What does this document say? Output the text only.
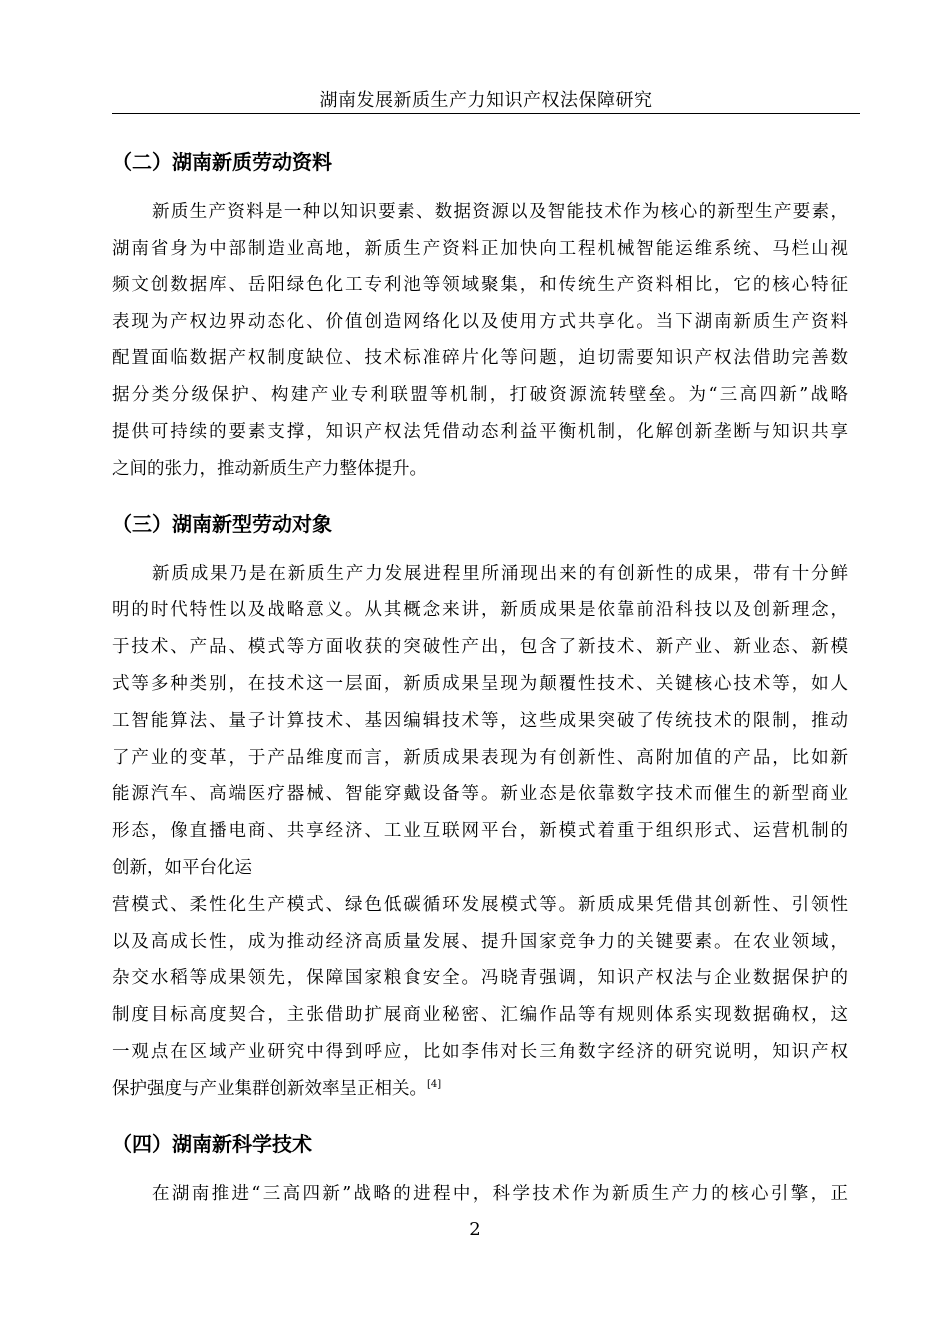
湖南发展新质生产力知识产权法保障研究
（二）湖南新质劳动资料
新质生产资料是一种以知识要素、数据资源以及智能技术作为核心的新型生产要素，
湖南省身为中部制造业高地，新质生产资料正加快向工程机械智能运维系统、马栏山视
频文创数据库、岳阳绿色化工专利池等领域聚集，和传统生产资料相比，它的核心特征
表现为产权边界动态化、价值创造网络化以及使用方式共享化。当下湖南新质生产资料
配置面临数据产权制度缺位、技术标准碎片化等问题，迫切需要知识产权法借助完善数
据分类分级保护、构建产业专利联盟等机制，打破资源流转壁垒。为“三高四新”战略
提供可持续的要素支撑，知识产权法凭借动态利益平衡机制，化解创新垄断与知识共享
之间的张力，推动新质生产力整体提升。
（三）湖南新型劳动对象
新质成果乃是在新质生产力发展进程里所涌现出来的有创新性的成果，带有十分鲜
明的时代特性以及战略意义。从其概念来讲，新质成果是依靠前沿科技以及创新理念，
于技术、产品、模式等方面收获的突破性产出，包含了新技术、新产业、新业态、新模
式等多种类别，在技术这一层面，新质成果呈现为颠覆性技术、关键核心技术等，如人
工智能算法、量子计算技术、基因编辑技术等，这些成果突破了传统技术的限制，推动
了产业的变革，于产品维度而言，新质成果表现为有创新性、高附加值的产品，比如新
能源汽车、高端医疗器械、智能穿戴设备等。新业态是依靠数字技术而催生的新型商业
形态，像直播电商、共享经济、工业互联网平台，新模式着重于组织形式、运营机制的
创新，如平台化运
营模式、柔性化生产模式、绿色低碳循环发展模式等。新质成果凭借其创新性、引领性
以及高成长性，成为推动经济高质量发展、提升国家竞争力的关键要素。在农业领域，
杂交水稻等成果领先，保障国家粮食安全。冯晓青强调，知识产权法与企业数据保护的
制度目标高度契合，主张借助扩展商业秘密、汇编作品等有规则体系实现数据确权，这
一观点在区域产业研究中得到呼应，比如李伟对长三角数字经济的研究说明，知识产权
保护强度与产业集群创新效率呈正相关。[4]
（四）湖南新科学技术
在湖南推进“三高四新”战略的进程中，科学技术作为新质生产力的核心引擎，正
2
